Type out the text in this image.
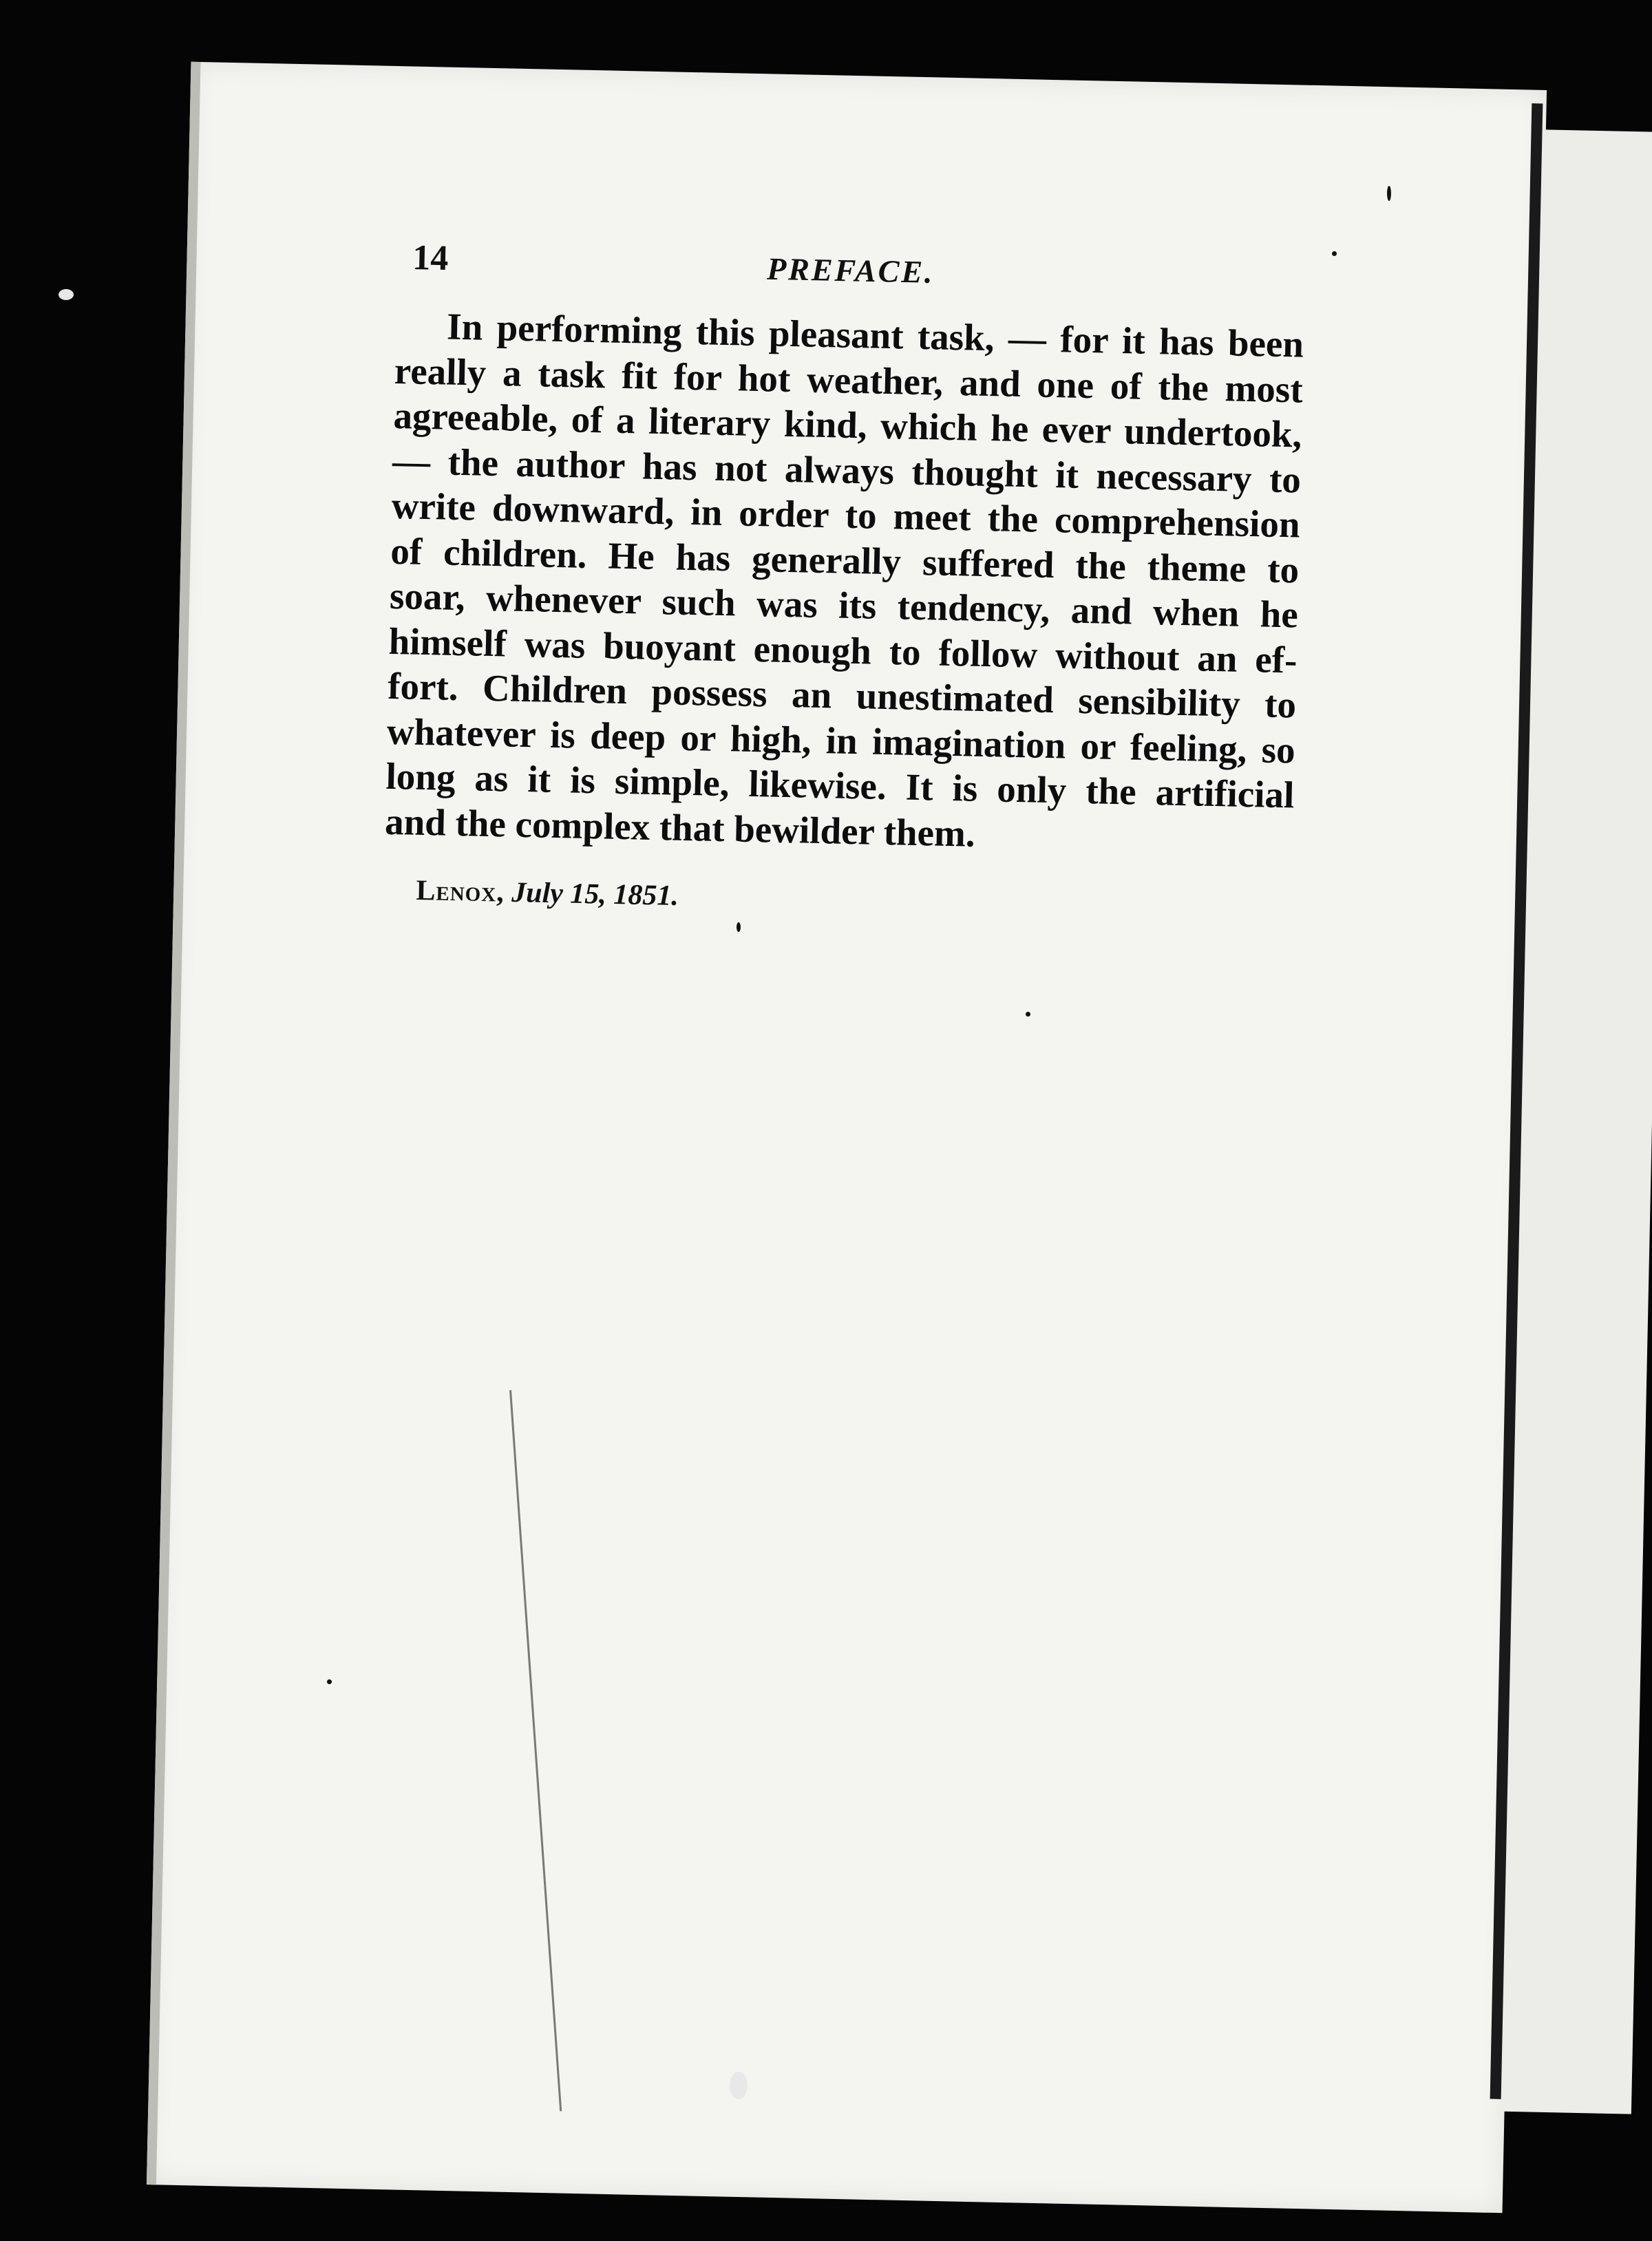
14	PREFACE.
In performing this pleasant task, — for it has been
really a task fit for hot weather, and one of the most
agreeable, of a literary kind, which he ever undertook,
— the author has not always thought it necessary to
write downward, in order to meet the comprehension
of children. He has generally suffered the theme to
soar, whenever such was its tendency, and when he
himself was buoyant enough to follow without an ef-
fort. Children possess an unestimated sensibility to
whatever is deep or high, in imagination or feeling, so
long as it is simple, likewise. It is only the artificial
and the complex that bewilder them.
Lenox, July 15, 1851.
